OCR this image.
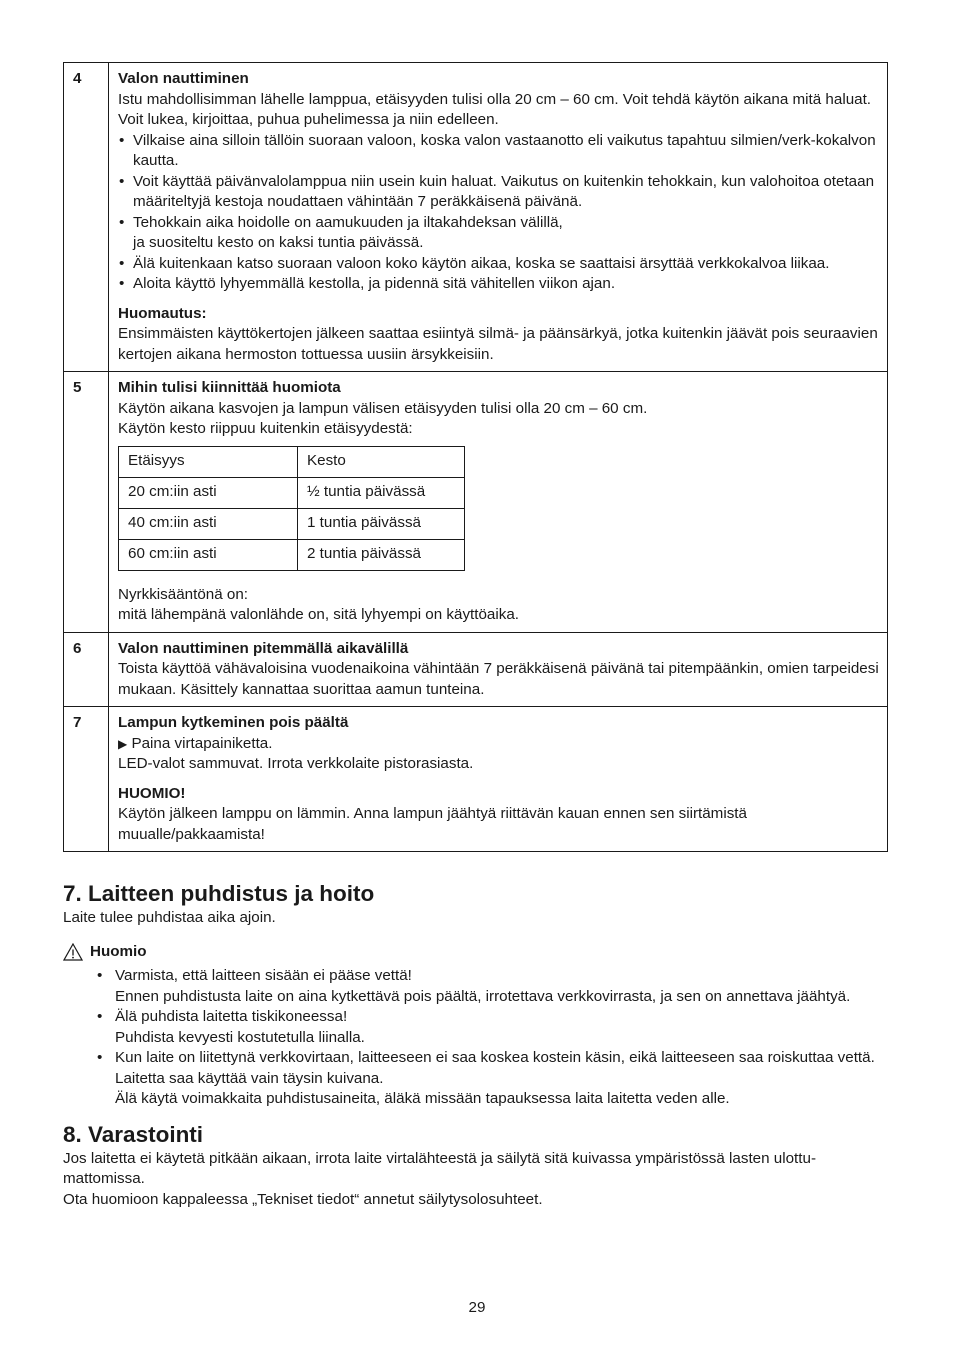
4	Valon nauttiminen

Istu mahdollisimman lähelle lamppua, etäisyyden tulisi olla 20 cm – 60 cm. Voit tehdä käytön aikana mitä haluat. Voit lukea, kirjoittaa, puhua puhelimessa ja niin edelleen.

• Vilkaise aina silloin tällöin suoraan valoon, koska valon vastaanotto eli vaikutus tapahtuu silmien/verk-kokalvon kautta.
• Voit käyttää päivänvalolamppua niin usein kuin haluat. Vaikutus on kuitenkin tehokkain, kun valohoitoa otetaan määriteltyjä kestoja noudattaen vähintään 7 peräkkäisenä päivänä.
• Tehokkain aika hoidolle on aamukuuden ja iltakahdeksan välillä,
ja suositeltu kesto on kaksi tuntia päivässä.
• Älä kuitenkaan katso suoraan valoon koko käytön aikaa, koska se saattaisi ärsyttää verkkokalvoa liikaa.
• Aloita käyttö lyhyemmällä kestolla, ja pidennä sitä vähitellen viikon ajan.
Huomautus:

Ensimmäisten käyttökertojen jälkeen saattaa esiintyä silmä- ja päänsärkyä, jotka kuitenkin jäävät pois seuraavien kertojen aikana hermoston tottuessa uusiin ärsykkeisiin.

5	Mihin tulisi kiinnittää huomiota

Käytön aikana kasvojen ja lampun välisen etäisyyden tulisi olla 20 cm – 60 cm.

Käytön kesto riippuu kuitenkin etäisyydestä:

Etäisyys	Kesto
20 cm:iin asti	½ tuntia päivässä
40 cm:iin asti	1 tuntia päivässä
60 cm:iin asti	2 tuntia päivässä

Nyrkkisääntönä on:

mitä lähempänä valonlähde on, sitä lyhyempi on käyttöaika.

6	Valon nauttiminen pitemmällä aikavälillä

Toista käyttöä vähävaloisina vuodenaikoina vähintään 7 peräkkäisenä päivänä tai pitempäänkin, omien tarpeidesi mukaan. Käsittely kannattaa suorittaa aamun tunteina.

7	Lampun kytkeminen pois päältä

▶ Paina virtapainiketta.

LED-valot sammuvat. Irrota verkkolaite pistorasiasta.

HUOMIO!

Käytön jälkeen lamppu on lämmin. Anna lampun jäähtyä riittävän kauan ennen sen siirtämistä muualle/pakkaamista!

7. Laitteen puhdistus ja hoito

Laite tulee puhdistaa aika ajoin.

Huomio
• Varmista, että laitteen sisään ei pääse vettä!
Ennen puhdistusta laite on aina kytkettävä pois päältä, irrotettava verkkovirrasta, ja sen on annettava jäähtyä.
• Älä puhdista laitetta tiskikoneessa!
Puhdista kevyesti kostutetulla liinalla.
• Kun laite on liitettynä verkkovirtaan, laitteeseen ei saa koskea kostein käsin, eikä laitteeseen saa roiskuttaa vettä. Laitetta saa käyttää vain täysin kuivana.
Älä käytä voimakkaita puhdistusaineita, äläkä missään tapauksessa laita laitetta veden alle.
8. Varastointi

Jos laitetta ei käytetä pitkään aikaan, irrota laite virtalähteestä ja säilytä sitä kuivassa ympäristössä lasten ulottu-mattomissa.

Ota huomioon kappaleessa „Tekniset tiedot“ annetut säilytysolosuhteet.

29
